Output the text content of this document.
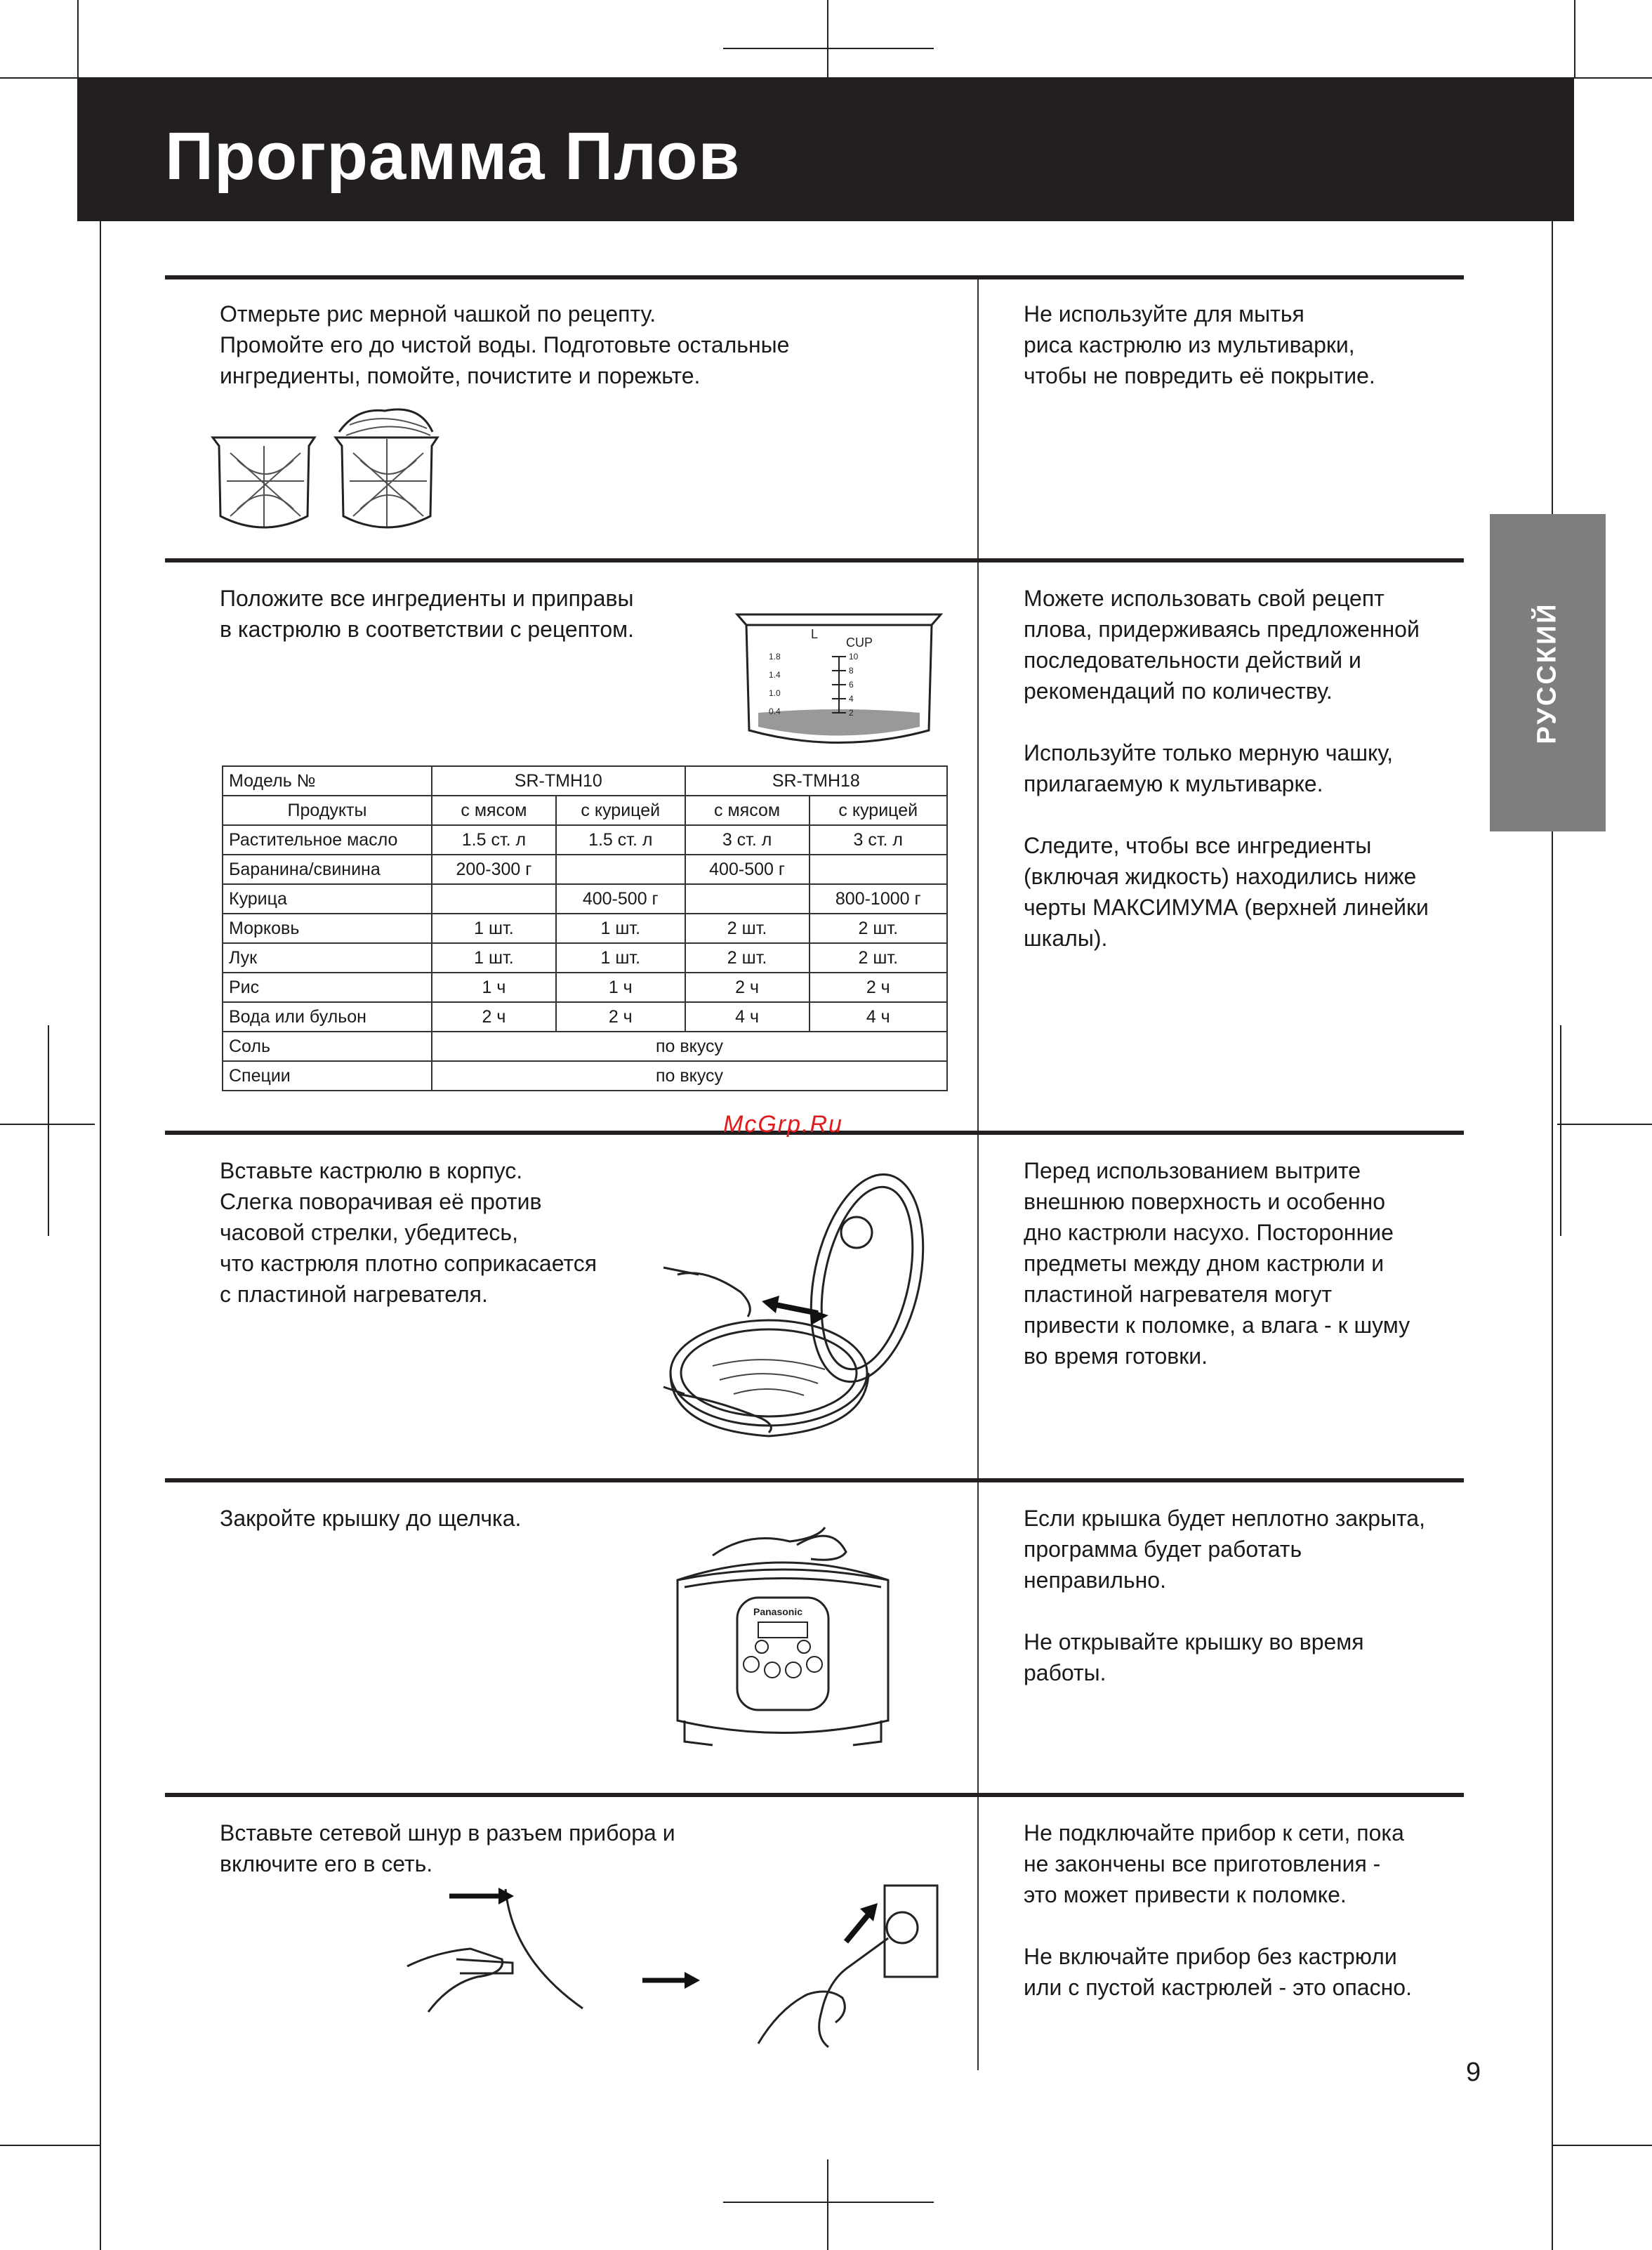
Программа Плов
РУССКИЙ

Отмерьте рис мерной чашкой по рецепту.
Промойте его до чистой воды. Подготовьте остальные
ингредиенты, помойте, почистите и порежьте.

Не используйте для мытья
риса кастрюлю из мультиварки,
чтобы не повредить её покрытие.

Положите все ингредиенты и приправы
в кастрюлю в соответствии с рецептом.

Можете использовать свой рецепт
плова, придерживаясь предложенной
последовательности действий и
рекомендаций по количеству.

Используйте только мерную чашку,
прилагаемую к мультиварке.

Следите, чтобы все ингредиенты
(включая жидкость) находились ниже
черты МАКСИМУМА (верхней линейки
шкалы).

L
CUP
1.8
1.4
1.0
0.4
10
8
6
4
2
Модель №	SR-TMH10		SR-TMH18	
Продукты	с мясом	с курицей	с мясом	с курицей
Растительное масло	1.5 ст. л	1.5 ст. л	3 ст. л	3 ст. л
Баранина/свинина	200-300 г		400-500 г	
Курица		400-500 г		800-1000 г
Морковь	1 шт.	1 шт.	2 шт.	2 шт.
Лук	1 шт.	1 шт.	2 шт.	2 шт.
Рис	1 ч	1 ч	2 ч	2 ч
Вода или бульон	2 ч	2 ч	4 ч	4 ч
Соль	по вкусу			
Специи	по вкусу			
McGrp.Ru

Вставьте кастрюлю в корпус.
Слегка поворачивая её против
часовой стрелки, убедитесь,
что кастрюля плотно соприкасается
с пластиной нагревателя.

Перед использованием вытрите
внешнюю поверхность и особенно
дно кастрюли насухо. Посторонние
предметы между дном кастрюли и
пластиной нагревателя могут
привести к поломке, а влага - к шуму
во время готовки.

Закройте крышку до щелчка.	Если крышка будет неплотно закрыта,
программа будет работать
неправильно.

Не открывайте крышку во время
работы.

Panasonic

Вставьте сетевой шнур в разъем прибора и
включите его в сеть.

Не подключайте прибор к сети, пока
не закончены все приготовления -
это может привести к поломке.

Не включайте прибор без кастрюли
или с пустой кастрюлей - это опасно.

9
